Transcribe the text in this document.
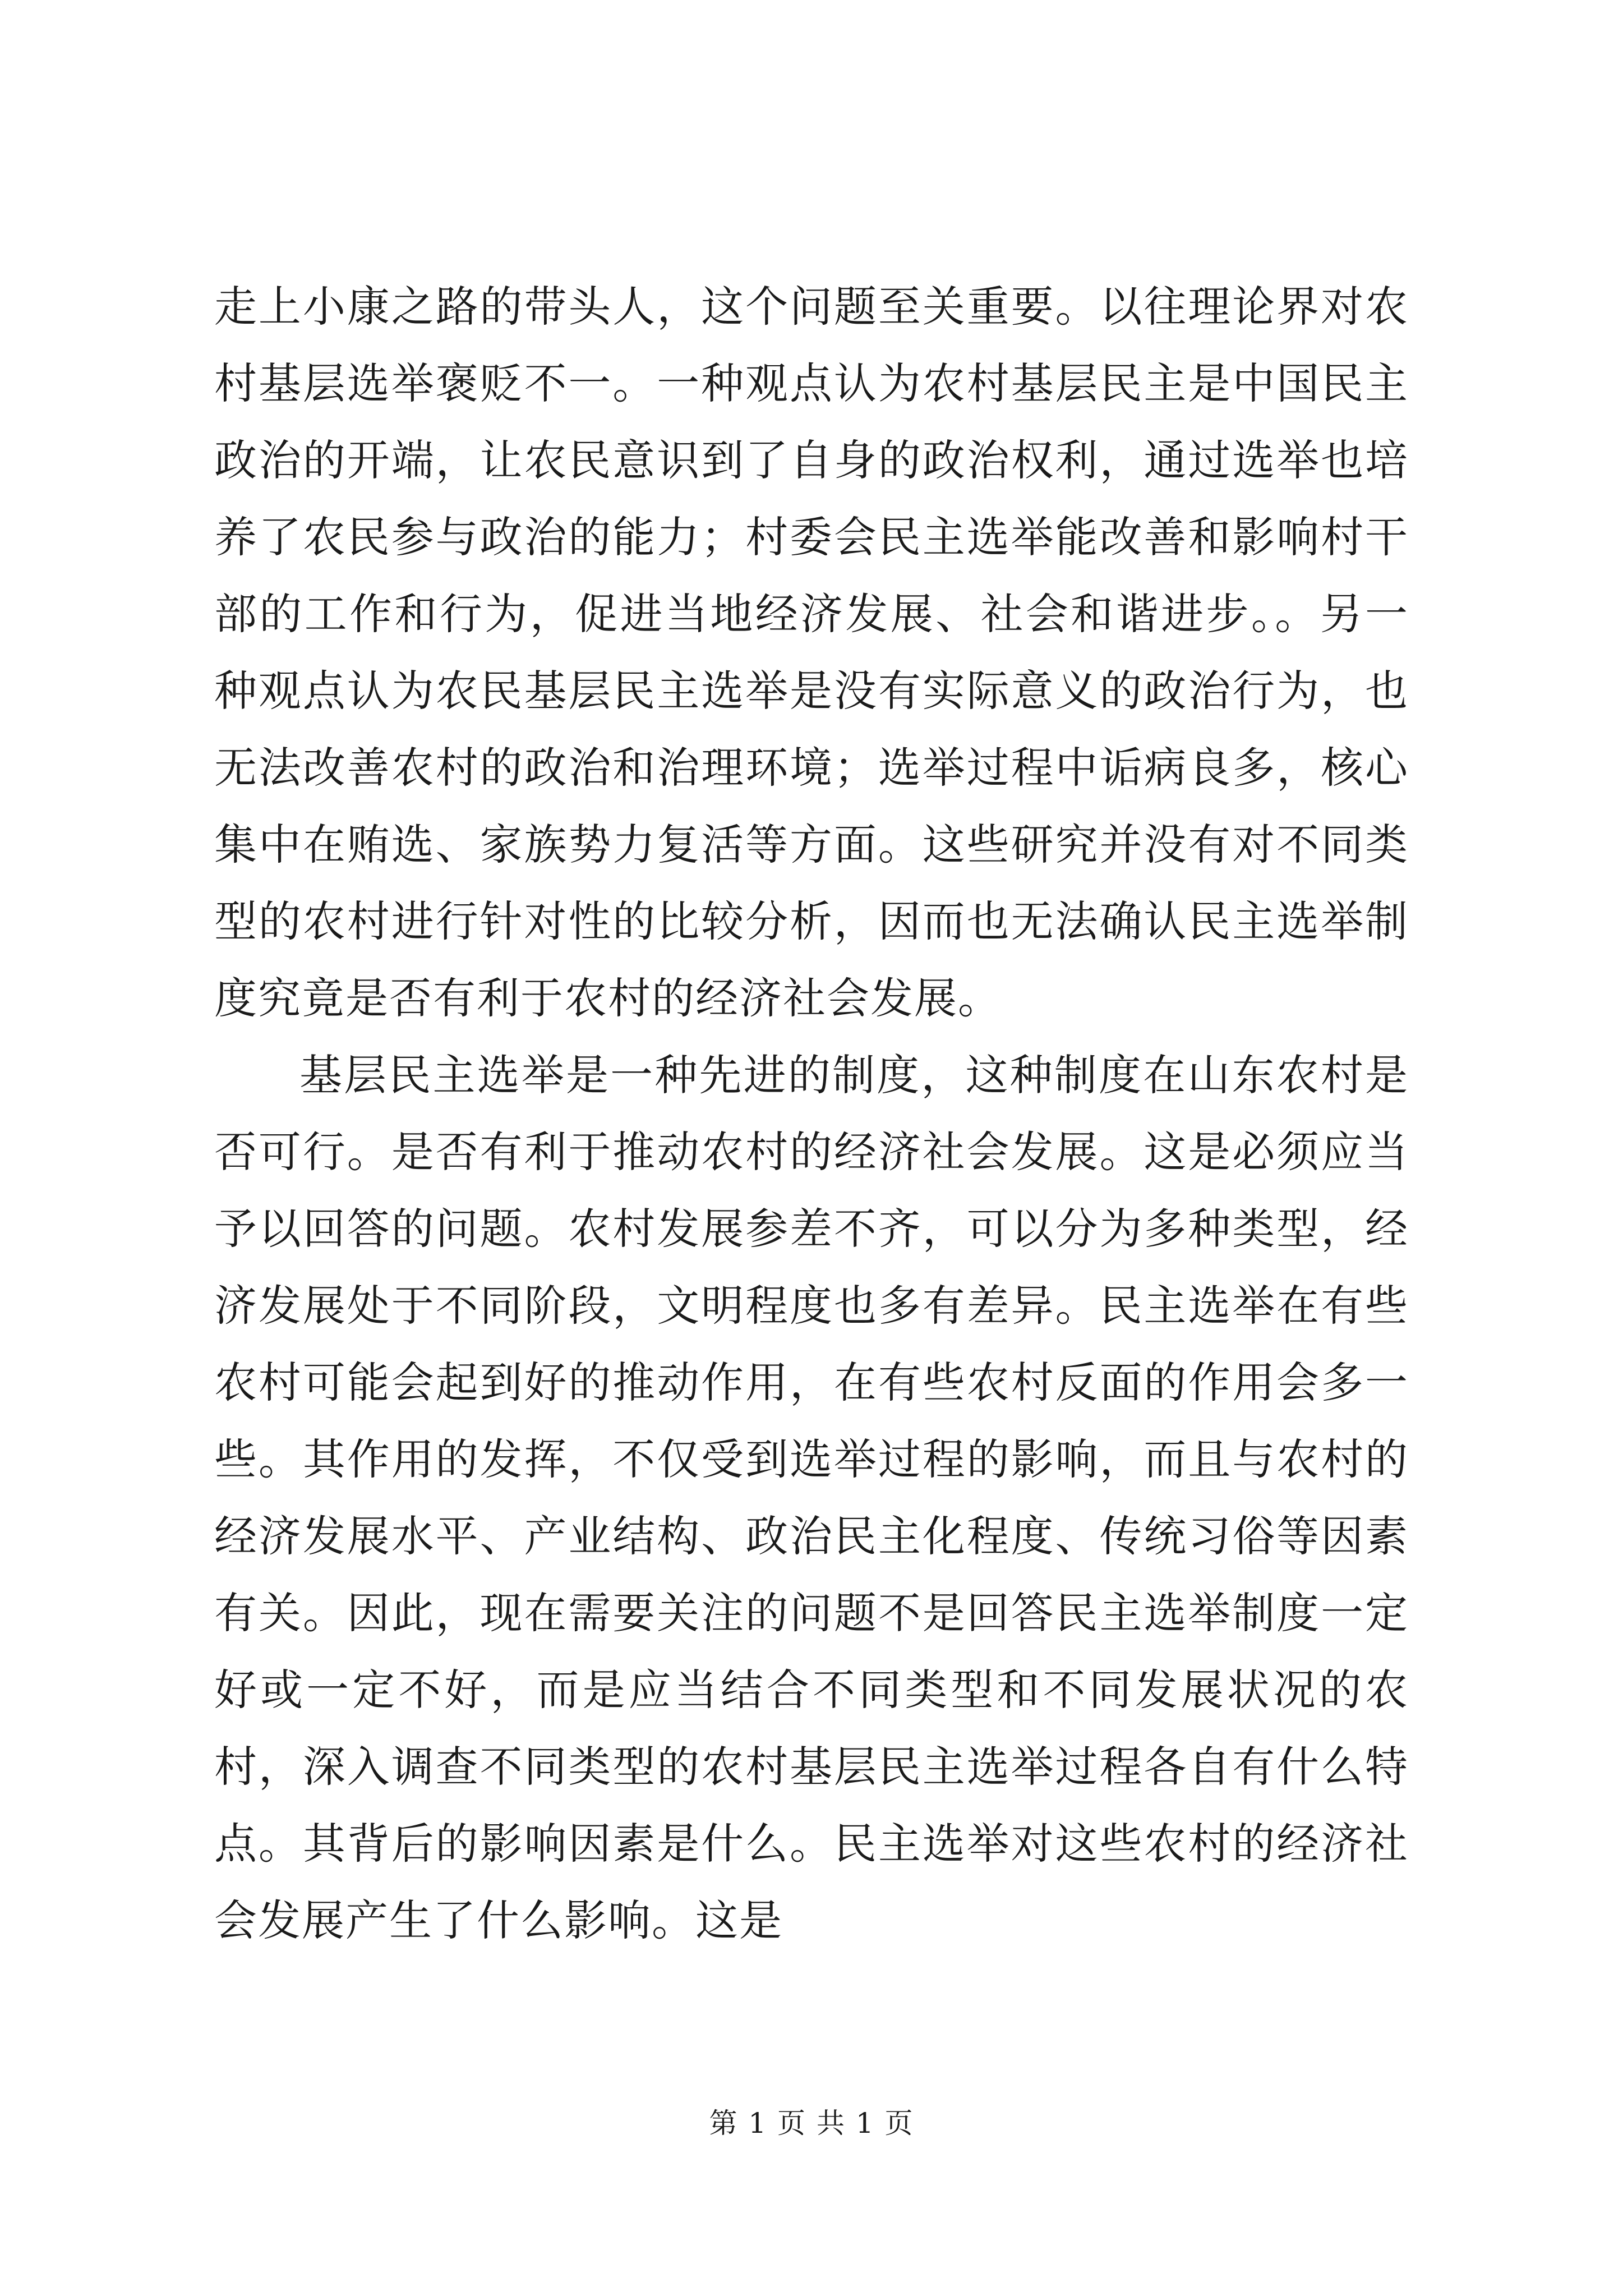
走上小康之路的带头人，这个问题至关重要。以往理论界对农村基层选举褒贬不一。一种观点认为农村基层民主是中国民主政治的开端，让农民意识到了自身的政治权利，通过选举也培养了农民参与政治的能力；村委会民主选举能改善和影响村干部的工作和行为，促进当地经济发展、社会和谐进步。。另一种观点认为农民基层民主选举是没有实际意义的政治行为，也无法改善农村的政治和治理环境；选举过程中诟病良多，核心集中在贿选、家族势力复活等方面。这些研究并没有对不同类型的农村进行针对性的比较分析，因而也无法确认民主选举制度究竟是否有利于农村的经济社会发展。

基层民主选举是一种先进的制度，这种制度在山东农村是否可行。是否有利于推动农村的经济社会发展。这是必须应当予以回答的问题。农村发展参差不齐，可以分为多种类型，经济发展处于不同阶段，文明程度也多有差异。民主选举在有些农村可能会起到好的推动作用，在有些农村反面的作用会多一些。其作用的发挥，不仅受到选举过程的影响，而且与农村的经济发展水平、产业结构、政治民主化程度、传统习俗等因素有关。因此，现在需要关注的问题不是回答民主选举制度一定好或一定不好，而是应当结合不同类型和不同发展状况的农村，深入调查不同类型的农村基层民主选举过程各自有什么特点。其背后的影响因素是什么。民主选举对这些农村的经济社会发展产生了什么影响。这是

第 1 页 共 1 页
